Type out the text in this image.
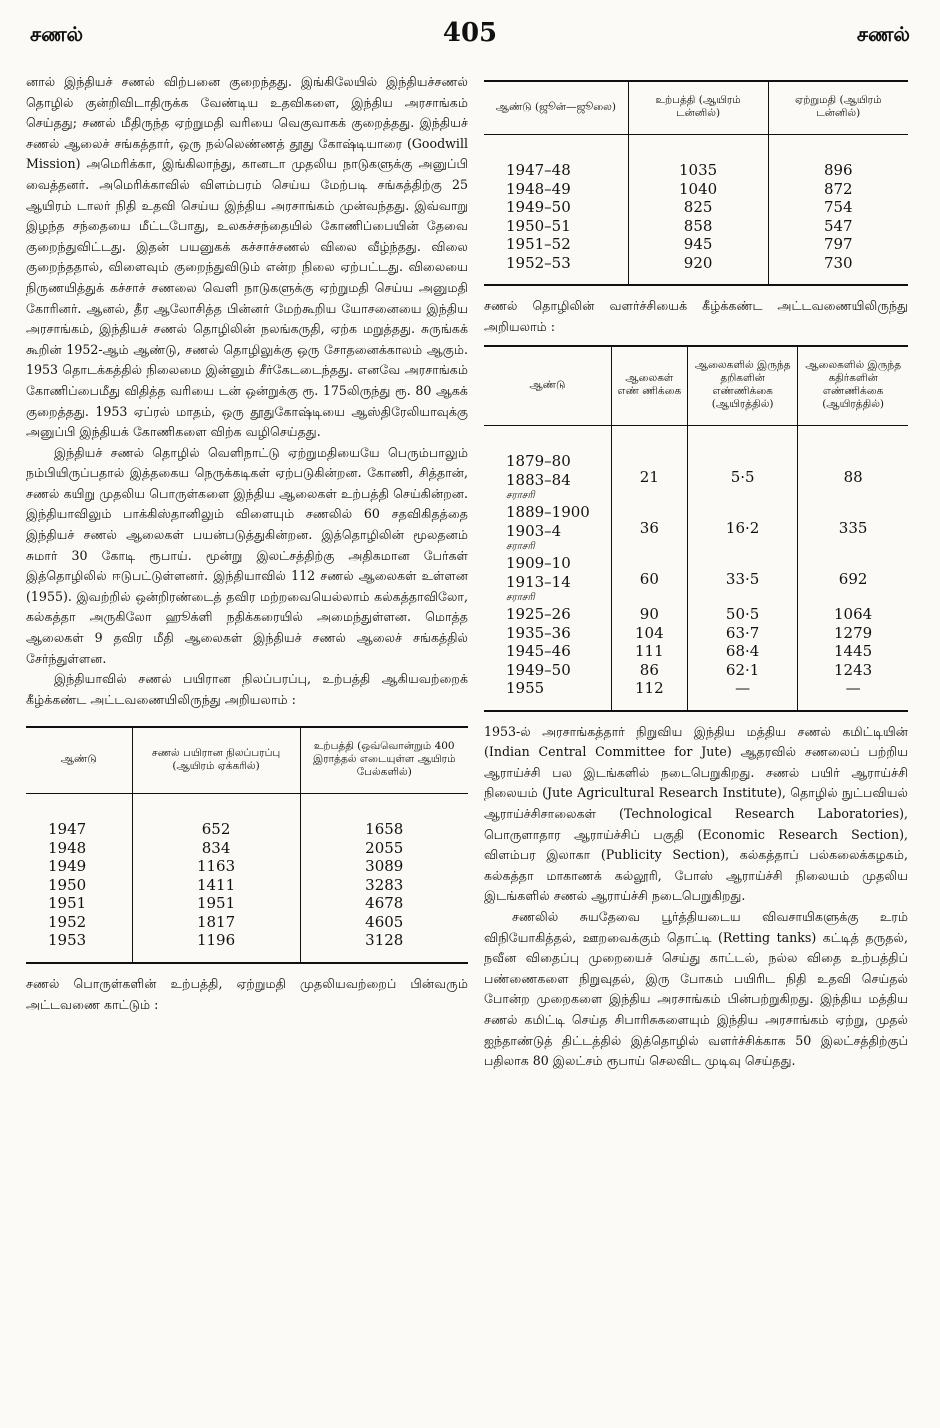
சணல்	405	சணல்

னால் இந்தியச் சணல் விற்பனை குறைந்தது. இங்கிலேயில் இந்தியச்சணல் தொழில் குன்றிவிடாதிருக்க வேண்டிய உதவிகளை, இந்திய அரசாங்கம் செய்தது; சணல் மீதிருந்த ஏற்றுமதி வரியை வெகுவாகக் குறைத்தது. இந்தியச் சணல் ஆலைச் சங்கத்தார், ஒரு நல்லெண்ணத் தூது கோஷ்டியாரை (Goodwill Mission) அமெரிக்கா, இங்கிலாந்து, கானடா முதலிய நாடுகளுக்கு அனுப்பி வைத்தனர். அமெரிக்காவில் விளம்பரம் செய்ய மேற்படி சங்கத்திற்கு 25 ஆயிரம் டாலர் நிதி உதவி செய்ய இந்திய அரசாங்கம் முன்வந்தது. இவ்வாறு இழந்த சந்தையை மீட்டபோது, உலகச்சந்தையில் கோணிப்பையின் தேவை குறைந்துவிட்டது. இதன் பயனுகக் கச்சாச்சணல் விலை வீழ்ந்தது. விலை குறைந்ததால், விளைவும் குறைந்துவிடும் என்ற நிலை ஏற்பட்டது. விலையை நிருணயித்துக் கச்சாச் சணலை வெளி நாடுகளுக்கு ஏற்றுமதி செய்ய அனுமதி கோரினர். ஆனல், தீர ஆலோசித்த பின்னர் மேற்கூறிய யோசனையை இந்திய அரசாங்கம், இந்தியச் சணல் தொழிலின் நலங்கருதி, ஏற்க மறுத்தது. சுருங்கக் கூறின் 1952-ஆம் ஆண்டு, சணல் தொழிலுக்கு ஒரு சோதனைக்காலம் ஆகும். 1953 தொடக்கத்தில் நிலைமை இன்னும் சீர்கேடடைந்தது. எனவே அரசாங்கம் கோணிப்பைமீது விதித்த வரியை டன் ஒன்றுக்கு ரூ. 175லிருந்து ரூ. 80 ஆகக் குறைத்தது. 1953 ஏப்ரல் மாதம், ஒரு தூதுகோஷ்டியை ஆஸ்திரேலியாவுக்கு அனுப்பி இந்தியக் கோணிகளை விற்க வழிசெய்தது.

இந்தியச் சணல் தொழில் வெளிநாட்டு ஏற்றுமதியையே பெரும்பாலும் நம்பியிருப்பதால் இத்தகைய நெருக்கடிகள் ஏற்படுகின்றன. கோணி, சித்தான், சணல் கயிறு முதலிய பொருள்களை இந்திய ஆலைகள் உற்பத்தி செய்கின்றன. இந்தியாவிலும் பாக்கிஸ்தானிலும் விளையும் சணலில் 60 சதவிகிதத்தை இந்தியச் சணல் ஆலைகள் பயன்படுத்துகின்றன. இத்தொழிலின் மூலதனம் சுமார் 30 கோடி ரூபாய். மூன்று இலட்சத்திற்கு அதிகமான பேர்கள் இத்தொழிலில் ஈடுபட்டுள்ளனர். இந்தியாவில் 112 சணல் ஆலைகள் உள்ளன (1955). இவற்றில் ஒன்றிரண்டைத் தவிர மற்றவையெல்லாம் கல்கத்தாவிலோ, கல்கத்தா அருகிலோ ஹூக்ளி நதிக்கரையில் அமைந்துள்ளன. மொத்த ஆலைகள் 9 தவிர மீதி ஆலைகள் இந்தியச் சணல் ஆலைச் சங்கத்தில் சேர்ந்துள்ளன.

இந்தியாவில் சணல் பயிரான நிலப்பரப்பு, உற்பத்தி ஆகியவற்றைக் கீழ்க்கண்ட அட்டவணையிலிருந்து அறியலாம் :

ஆண்டு	சணல் பயிரான நிலப்பரப்பு (ஆயிரம் ஏக்கரில்)	உற்பத்தி (ஒவ்வொன்றும் 400 இராத்தல் எடையுள்ள ஆயிரம் பேல்களில்)

1947	652	1658
1948	834	2055
1949	1163	3089
1950	1411	3283
1951	1951	4678
1952	1817	4605
1953	1196	3128

சணல் பொருள்களின் உற்பத்தி, ஏற்றுமதி முதலியவற்றைப் பின்வரும் அட்டவணை காட்டும் :

ஆண்டு (ஜூன்—ஜூலை)	உற்பத்தி (ஆயிரம் டன்னில்)	ஏற்றுமதி (ஆயிரம் டன்னில்)

1947–48	1035	896
1948–49	1040	872
1949–50	825	754
1950–51	858	547
1951–52	945	797
1952–53	920	730

சணல் தொழிலின் வளர்ச்சியைக் கீழ்க்கண்ட அட்டவணையிலிருந்து அறியலாம் :

ஆண்டு	ஆலைகள் எண் ணிக்கை	ஆலைகளில் இருந்த தறிகளின் எண்ணிக்கை (ஆயிரத்தில்)	ஆலைகளில் இருந்த கதிர்களின் எண்ணிக்கை (ஆயிரத்தில்)

1879–80
1883–84
சராசரி	21	5·5	88
1889–1900
1903–4
சராசரி	36	16·2	335
1909–10
1913–14
சராசரி	60	33·5	692
1925–26	90	50·5	1064
1935–36	104	63·7	1279
1945–46	111	68·4	1445
1949–50	86	62·1	1243
1955	112	—	—

1953-ல் அரசாங்கத்தார் நிறுவிய இந்திய மத்திய சணல் கமிட்டியின் (Indian Central Committee for Jute) ஆதரவில் சணலைப் பற்றிய ஆராய்ச்சி பல இடங்களில் நடைபெறுகிறது. சணல் பயிர் ஆராய்ச்சி நிலையம் (Jute Agricultural Research Institute), தொழில் நுட்பவியல் ஆராய்ச்சிசாலைகள் (Technological Research Laboratories), பொருளாதார ஆராய்ச்சிப் பகுதி (Economic Research Section), விளம்பர இலாகா (Publicity Section), கல்கத்தாப் பல்கலைக்கழகம், கல்கத்தா மாகாணக் கல்லூரி, போஸ் ஆராய்ச்சி நிலையம் முதலிய இடங்களில் சணல் ஆராய்ச்சி நடைபெறுகிறது.

சணலில் சுயதேவை பூர்த்தியடைய விவசாயிகளுக்கு உரம் விநியோகித்தல், ஊறவைக்கும் தொட்டி (Retting tanks) கட்டித் தருதல், நவீன விதைப்பு முறையைச் செய்து காட்டல், நல்ல விதை உற்பத்திப் பண்ணைகளை நிறுவுதல், இரு போகம் பயிரிட நிதி உதவி செய்தல் போன்ற முறைகளை இந்திய அரசாங்கம் பின்பற்றுகிறது. இந்திய மத்திய சணல் கமிட்டி செய்த சிபாரிசுகளையும் இந்திய அரசாங்கம் ஏற்று, முதல் ஐந்தாண்டுத் திட்டத்தில் இத்தொழில் வளர்ச்சிக்காக 50 இலட்சத்திற்குப் பதிலாக 80 இலட்சம் ரூபாய் செலவிட முடிவு செய்தது.
